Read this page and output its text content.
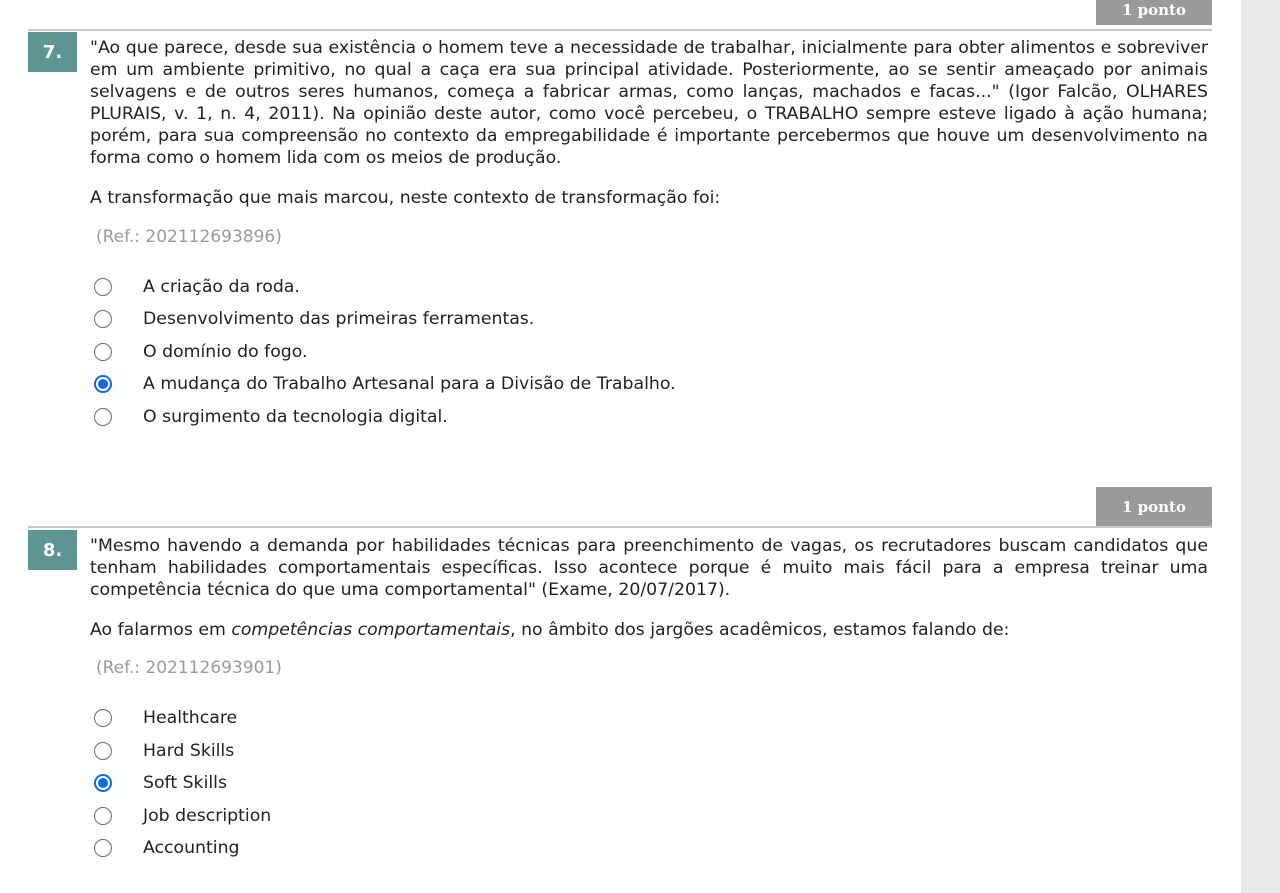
1 ponto
7.	"Ao que parece, desde sua existência o homem teve a necessidade de trabalhar, inicialmente para obter alimentos e sobreviver em um ambiente primitivo, no qual a caça era sua principal atividade. Posteriormente, ao se sentir ameaçado por animais selvagens e de outros seres humanos, começa a fabricar armas, como lanças, machados e facas..." (Igor Falcão, OLHARES PLURAIS, v. 1, n. 4, 2011). Na opinião deste autor, como você percebeu, o TRABALHO sempre esteve ligado à ação humana; porém, para sua compreensão no contexto da empregabilidade é importante percebermos que houve um desenvolvimento na forma como o homem lida com os meios de produção.

A transformação que mais marcou, neste contexto de transformação foi:

(Ref.: 202112693896)
A criação da roda.
Desenvolvimento das primeiras ferramentas.
O domínio do fogo.
A mudança do Trabalho Artesanal para a Divisão de Trabalho.
O surgimento da tecnologia digital.
1 ponto
8.	"Mesmo havendo a demanda por habilidades técnicas para preenchimento de vagas, os recrutadores buscam candidatos que tenham habilidades comportamentais específicas. Isso acontece porque é muito mais fácil para a empresa treinar uma competência técnica do que uma comportamental" (Exame, 20/07/2017).

Ao falarmos em competências comportamentais, no âmbito dos jargões acadêmicos, estamos falando de:

(Ref.: 202112693901)
Healthcare
Hard Skills
Soft Skills
Job description
Accounting
